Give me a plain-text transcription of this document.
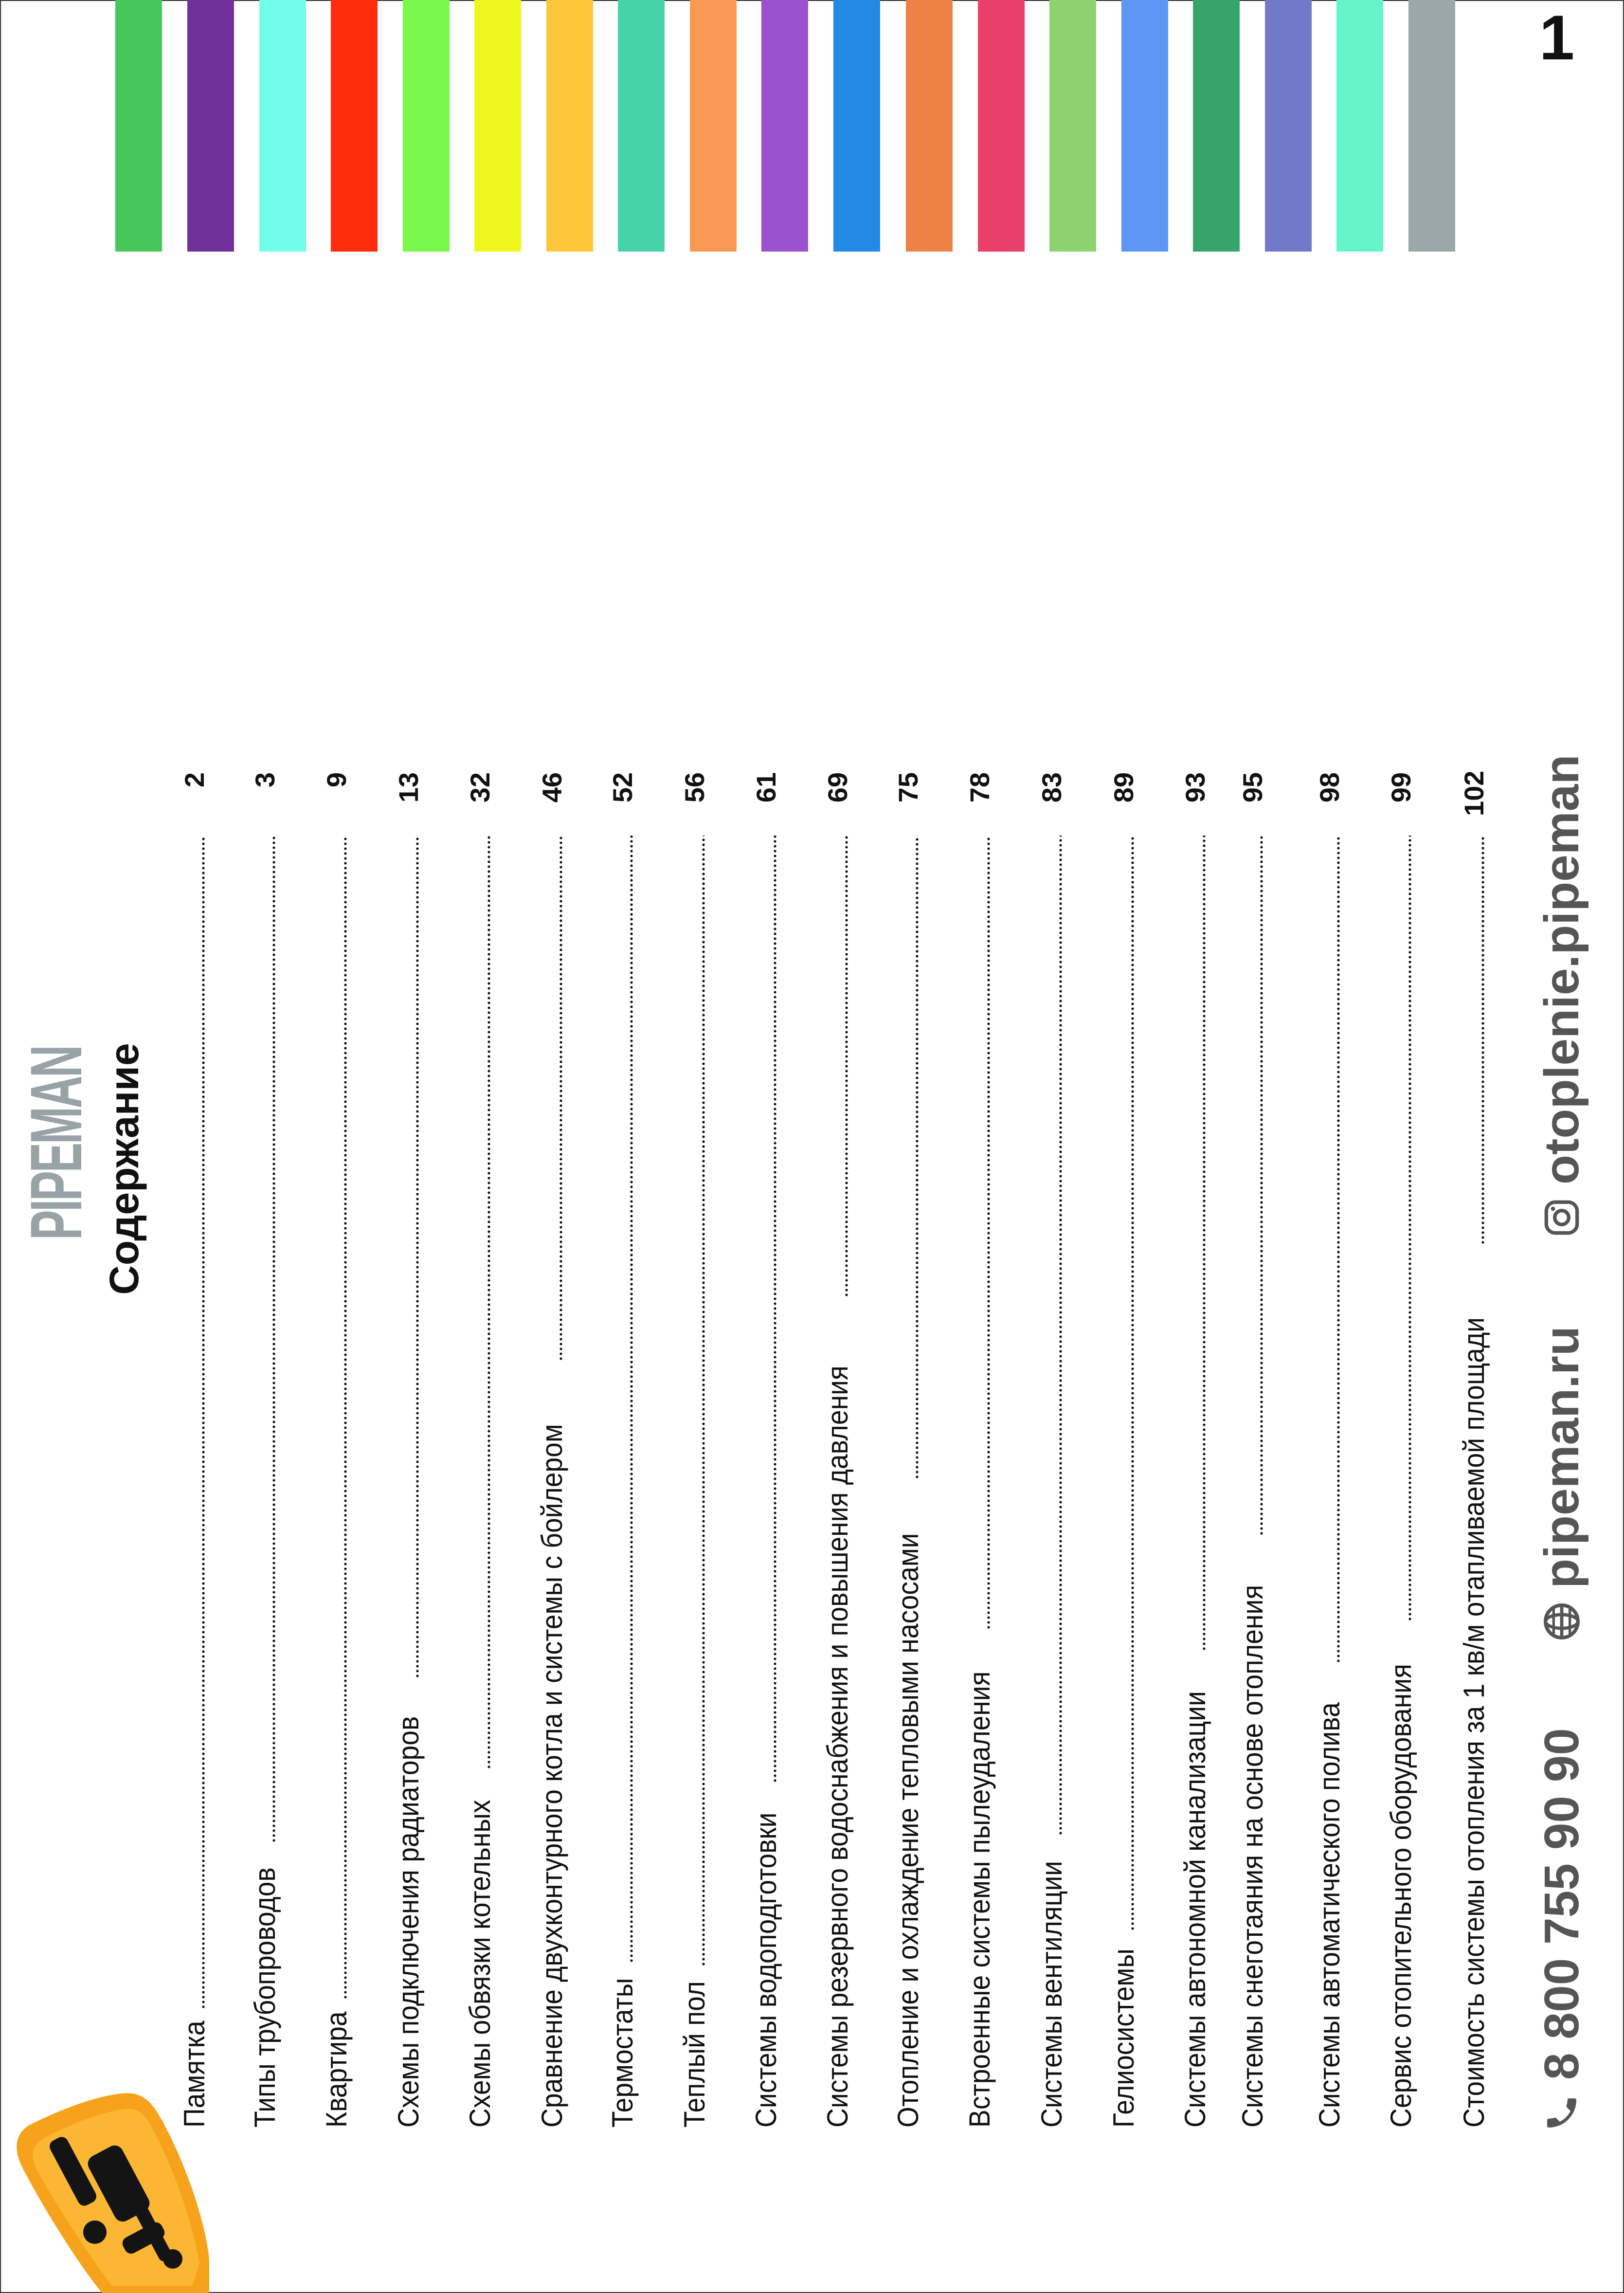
PIPEMAN Содержание
Памятка
2
Типы трубопроводов
3
Квартира
9
Схемы подключения радиаторов
13
Схемы обвязки котельных
32
Сравнение двухконтурного котла и системы с бойлером
46
Термостаты
52
Теплый пол
56
Системы водоподготовки
61
Системы резервного водоснабжения и повышения давления
69
Отопление и охлаждение тепловыми насосами
75
Встроенные системы пылеудаления
78
Системы вентиляции
83
Гелиосистемы
89
Системы автономной канализации
93
Системы снеготаяния на основе отопления
95
Системы автоматического полива
98
Сервис отопительного оборудования
99
Стоимость системы отопления за 1 кв/м отапливаемой площади
102
1
8 800 755 90 90
pipeman.ru
otoplenie.pipeman
